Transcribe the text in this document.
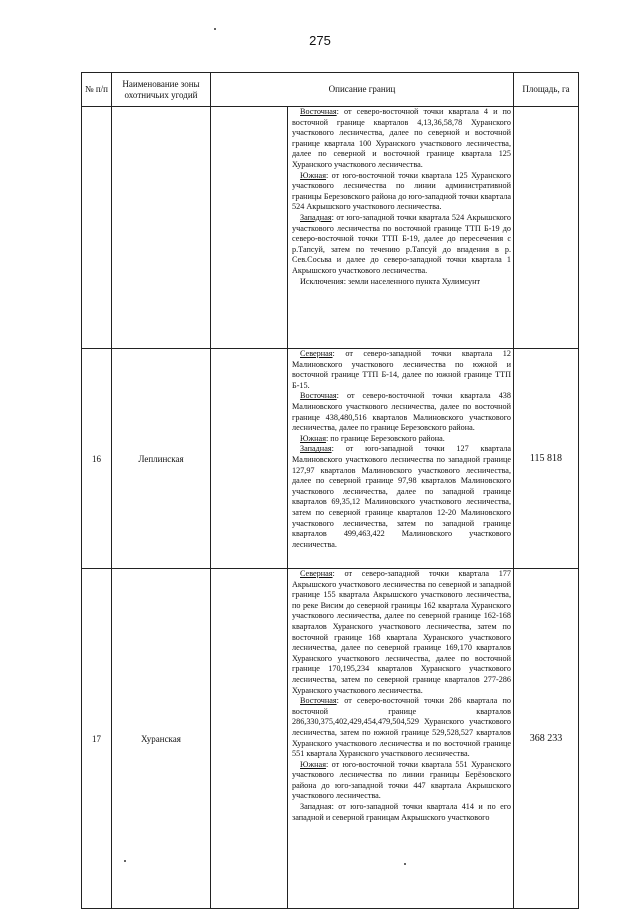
275
№ п/п	Наименование зоны охотничьих угодий	Описание границ		Площадь, га

			Восточная: от северо-восточной точки квартала 4 и по восточной границе кварталов 4,13,36,58,78 Хуранского участкового лесничества, далее по северной и восточной границе квартала 100 Хуранского участкового лесничества, далее по северной и восточной границе квартала 125 Хуранского участкового лесничества.

Южная: от юго-восточной точки квартала 125 Хуранского участкового лесничества по линии административной границы Березовского района до юго-западной точки квартала 524 Акрышского участкового лесничества.

Западная: от юго-западной точки квартала 524 Акрышского участкового лесничества по восточной границе ТТП Б-19 до северо-восточной точки ТТП Б-19, далее до пересечения с р.Тапсуй, затем по течению р.Тапсуй до впадения в р. Сев.Сосьва и далее до северо-западной точки квартала 1 Акрышского участкового лесничества.

Исключения: земли населенного пункта Хулимсунт	

16	Леплинская		Северная: от северо-западной точки квартала 12 Малиновского участкового лесничества по южной и восточной границе ТТП Б-14, далее по южной границе ТТП Б-15.

Восточная: от северо-восточной точки квартала 438 Малиновского участкового лесничества, далее по восточной границе 438,480,516 кварталов Малиновского участкового лесничества, далее по границе Березовского района.

Южная: по границе Березовского района.

Западная: от юго-западной точки 127 квартала Малиновского участкового лесничества по западной границе 127,97 кварталов Малиновского участкового лесничества, далее по северной границе 97,98 кварталов Малиновского участкового лесничества, далее по западной границе кварталов 69,35,12 Малиновского участкового лесничества, затем по северной границе кварталов 12-20 Малиновского участкового лесничества, затем по западной границе кварталов 499,463,422 Малиновского участкового лесничества.	115 818
17	Хуранская		Северная: от северо-западной точки квартала 177 Акрышского участкового лесничества по северной и западной границе 155 квартала Акрышского участкового лесничества, по реке Висим до северной границы 162 квартала Хуранского участкового лесничества, далее по северной границе 162-168 кварталов Хуранского участкового лесничества, затем по восточной границе 168 квартала Хуранского участкового лесничества, далее по северной границе 169,170 кварталов Хуранского участкового лесничества, далее по восточной границе 170,195,234 кварталов Хуранского участкового лесничества, затем по северной границе кварталов 277-286 Хуранского участкового лесничества.

Восточная: от северо-восточной точки 286 квартала по восточной границе кварталов 286,330,375,402,429,454,479,504,529 Хуранского участкового лесничества, затем по южной границе 529,528,527 кварталов Хуранского участкового лесничества и по восточной границе 551 квартала Хуранского участкового лесничества.

Южная: от юго-восточной точки квартала 551 Хуранского участкового лесничества по линии границы Берёзовского района до юго-западной точки 447 квартала Акрышского участкового лесничества.

Западная: от юго-западной точки квартала 414 и по его западной и северной границам Акрышского участкового	368 233
